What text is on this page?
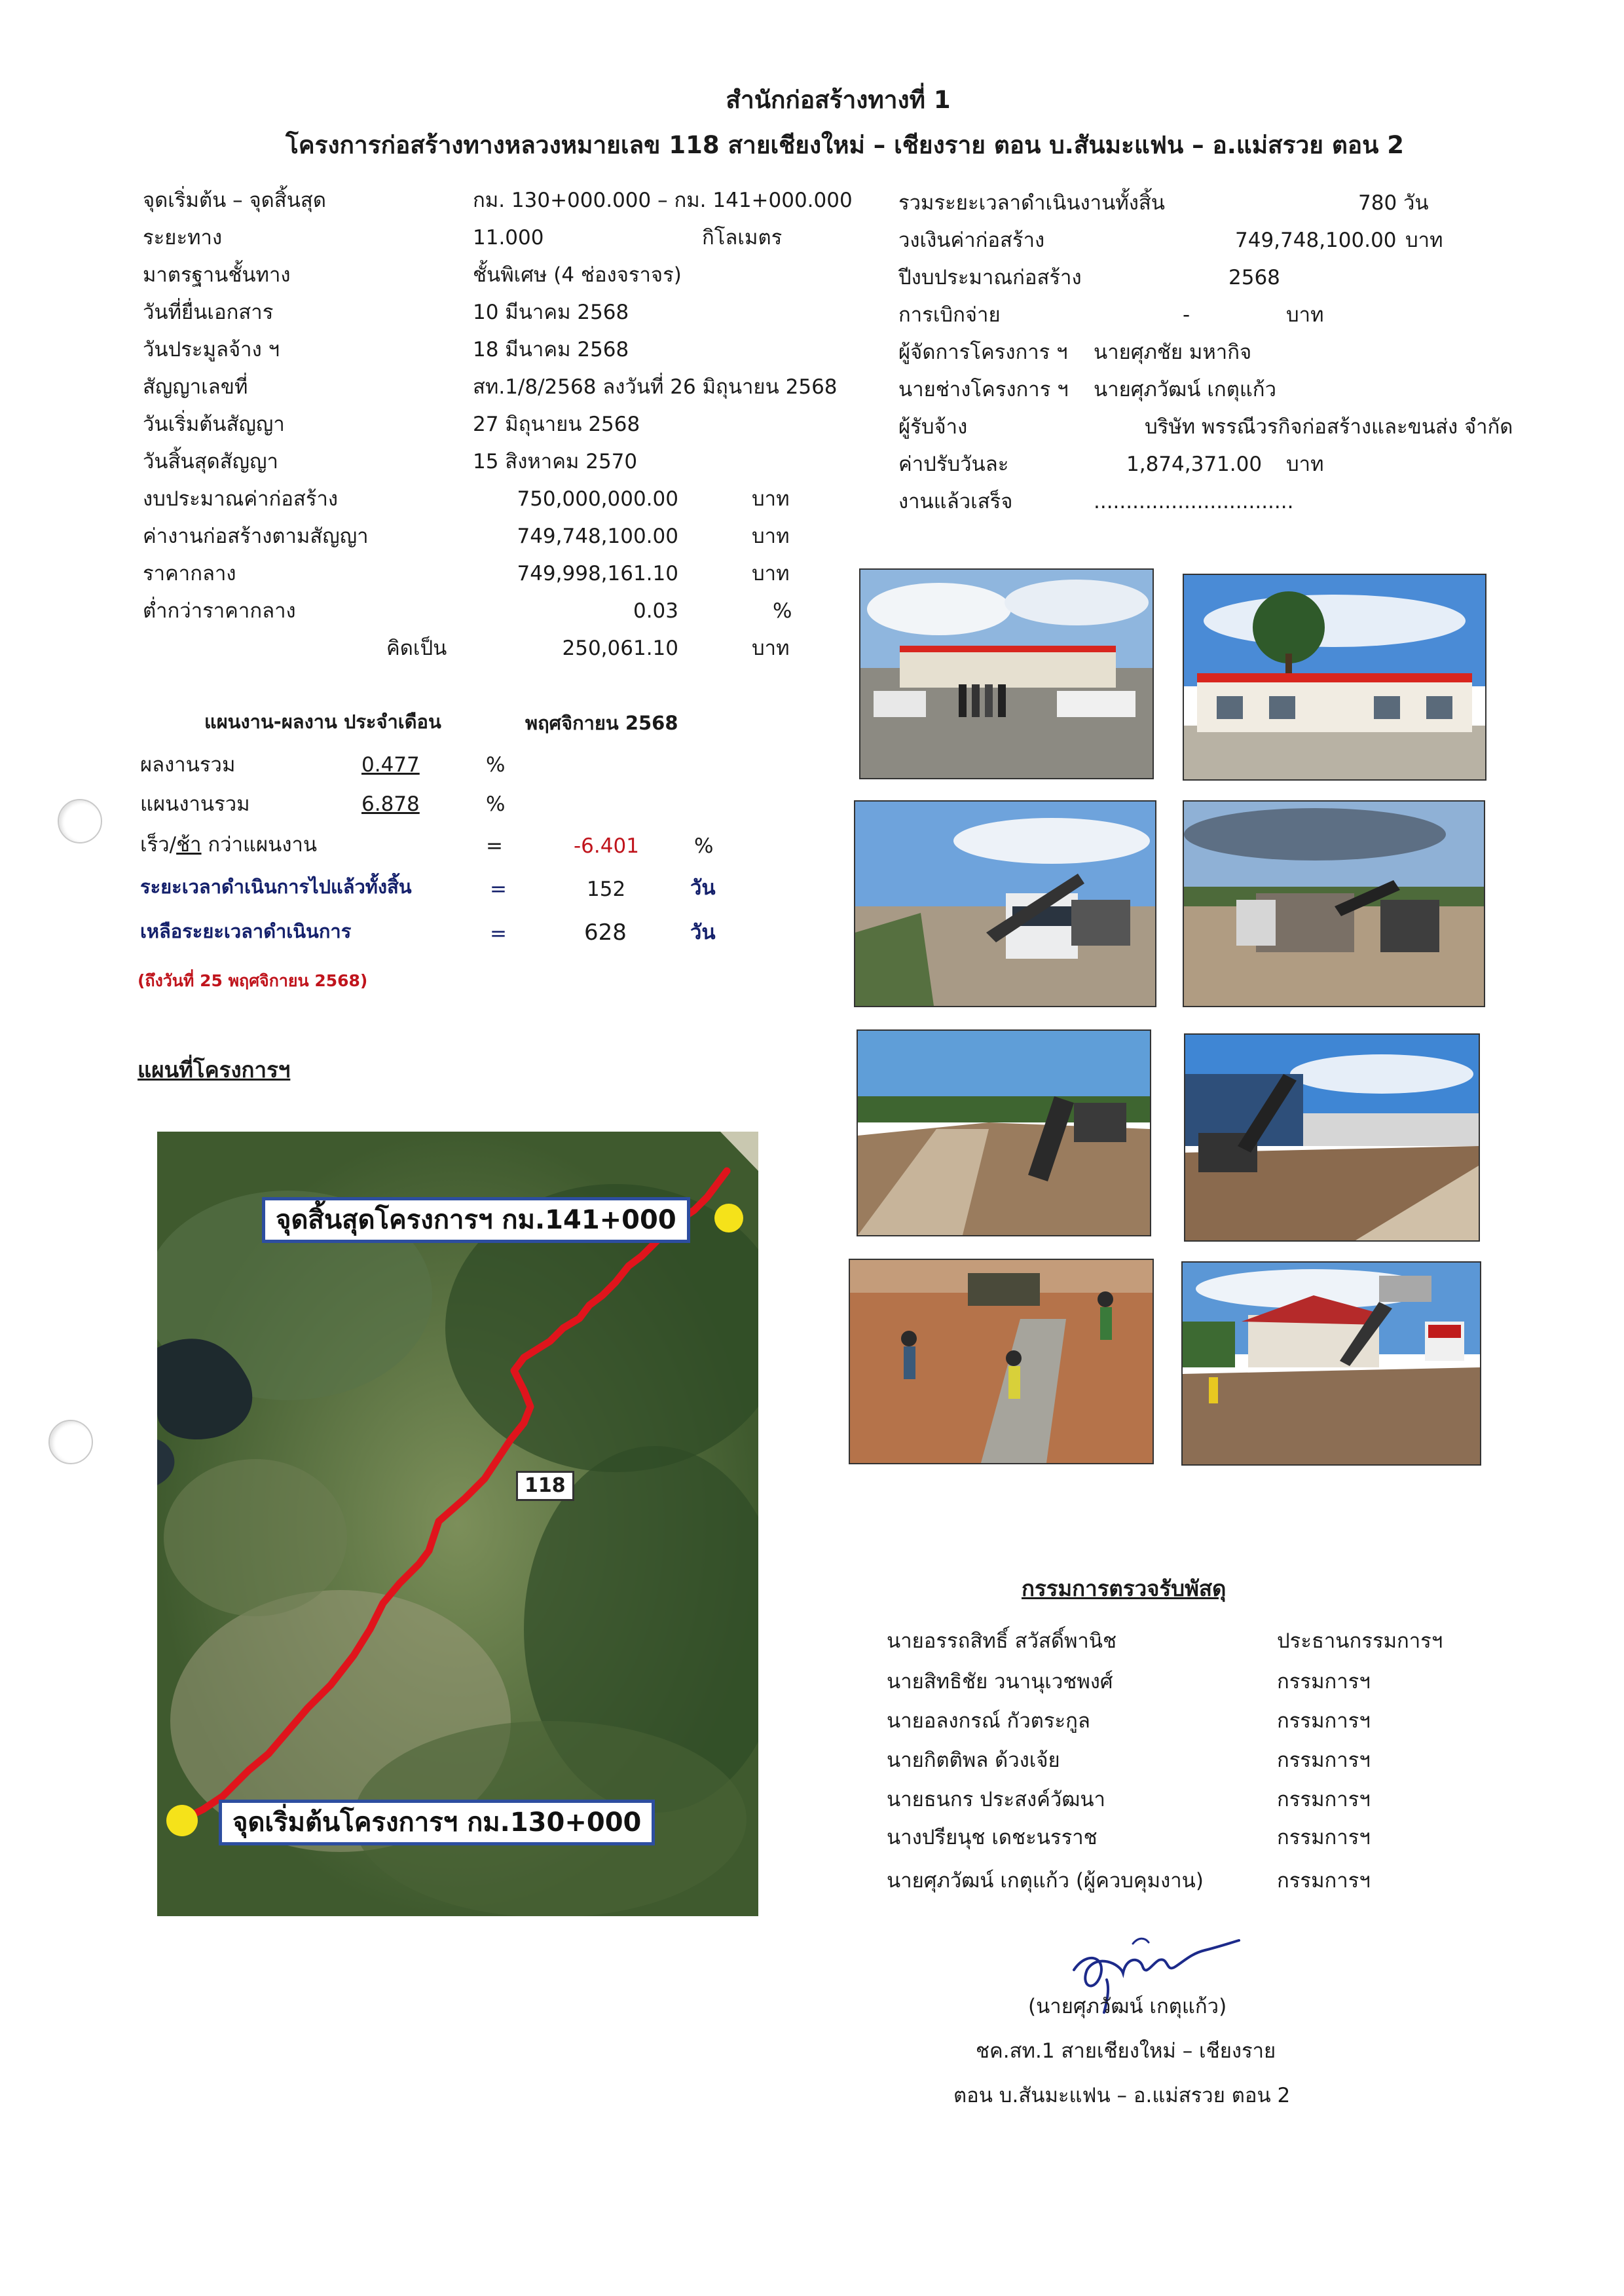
สำนักก่อสร้างทางที่ 1
โครงการก่อสร้างทางหลวงหมายเลข 118 สายเชียงใหม่ – เชียงราย ตอน บ.สันมะแฟน – อ.แม่สรวย ตอน 2
จุดเริ่มต้น – จุดสิ้นสุด	กม. 130+000.000 – กม. 141+000.000
ระยะทาง	11.000	กิโลเมตร
มาตรฐานชั้นทาง	ชั้นพิเศษ (4 ช่องจราจร)
วันที่ยื่นเอกสาร	10 มีนาคม 2568
วันประมูลจ้าง ฯ	18 มีนาคม 2568
สัญญาเลขที่	สท.1/8/2568 ลงวันที่ 26 มิถุนายน 2568
วันเริ่มต้นสัญญา	27 มิถุนายน 2568
วันสิ้นสุดสัญญา	15 สิงหาคม 2570
งบประมาณค่าก่อสร้าง	750,000,000.00	บาท
ค่างานก่อสร้างตามสัญญา	749,748,100.00	บาท
ราคากลาง	749,998,161.10	บาท
ต่ำกว่าราคากลาง	0.03	%
คิดเป็น	250,061.10	บาท
รวมระยะเวลาดำเนินงานทั้งสิ้น	780 วัน
วงเงินค่าก่อสร้าง	749,748,100.00 บาท
ปีงบประมาณก่อสร้าง	2568
การเบิกจ่าย	-	บาท
ผู้จัดการโครงการ ฯ นายศุภชัย มหากิจ
นายช่างโครงการ ฯ นายศุภวัฒน์ เกตุแก้ว
ผู้รับจ้าง	บริษัท พรรณีวรกิจก่อสร้างและขนส่ง จำกัด
ค่าปรับวันละ	1,874,371.00 บาท
งานแล้วเสร็จ	...............................
แผนงาน-ผลงาน ประจำเดือน	พฤศจิกายน 2568
ผลงานรวม	0.477	%
แผนงานรวม	6.878	%
เร็ว/ช้า กว่าแผนงาน	=	-6.401	%
ระยะเวลาดำเนินการไปแล้วทั้งสิ้น	=	152	วัน
เหลือระยะเวลาดำเนินการ	=	628	วัน
(ถึงวันที่ 25 พฤศจิกายน 2568)
แผนที่โครงการฯ
จุดสิ้นสุดโครงการฯ กม.141+000
จุดเริ่มต้นโครงการฯ กม.130+000
118
กรรมการตรวจรับพัสดุ
นายอรรถสิทธิ์ สวัสดิ์พานิช	ประธานกรรมการฯ
นายสิทธิชัย วนานุเวชพงศ์	กรรมการฯ
นายอลงกรณ์ กัวตระกูล	กรรมการฯ
นายกิตติพล ด้วงเจ้ย	กรรมการฯ
นายธนกร ประสงค์วัฒนา	กรรมการฯ
นางปรียนุช เดชะนรราช	กรรมการฯ
นายศุภวัฒน์ เกตุแก้ว (ผู้ควบคุมงาน)	กรรมการฯ
(นายศุภวัฒน์ เกตุแก้ว)
ชค.สท.1 สายเชียงใหม่ – เชียงราย
ตอน บ.สันมะแฟน – อ.แม่สรวย ตอน 2
